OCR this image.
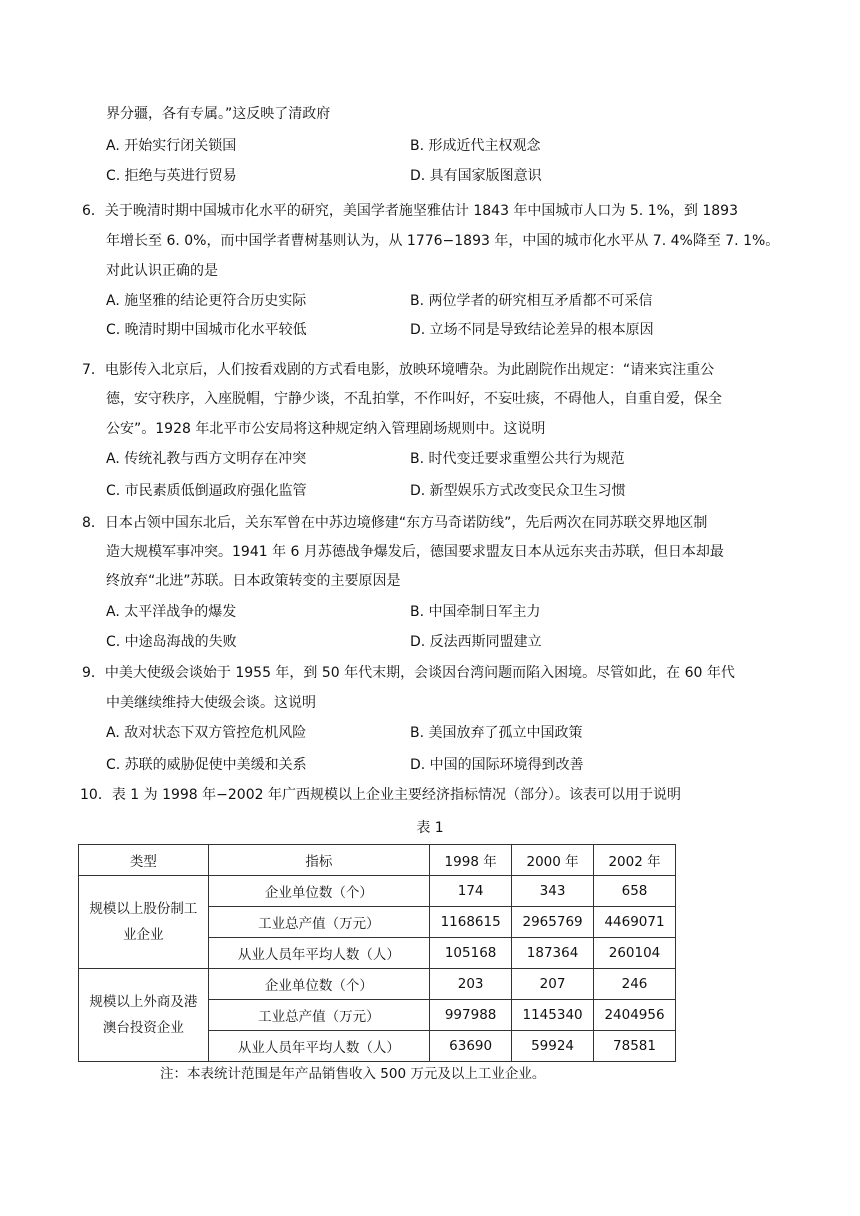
界分疆，各有专属。”这反映了清政府
A. 开始实行闭关锁国	B. 形成近代主权观念
C. 拒绝与英进行贸易	D. 具有国家版图意识
6．关于晚清时期中国城市化水平的研究，美国学者施坚雅估计 1843 年中国城市人口为 5. 1%，到 1893
年增长至 6. 0%，而中国学者曹树基则认为，从 1776−1893 年，中国的城市化水平从 7. 4%降至 7. 1%。
对此认识正确的是
A. 施坚雅的结论更符合历史实际	B. 两位学者的研究相互矛盾都不可采信
C. 晚清时期中国城市化水平较低	D. 立场不同是导致结论差异的根本原因
7．电影传入北京后，人们按看戏剧的方式看电影，放映环境嘈杂。为此剧院作出规定：“请来宾注重公
德，安守秩序，入座脱帽，宁静少谈，不乱拍掌，不作叫好，不妄吐痰，不碍他人，自重自爱，保全
公安”。1928 年北平市公安局将这种规定纳入管理剧场规则中。这说明
A. 传统礼教与西方文明存在冲突	B. 时代变迁要求重塑公共行为规范
C. 市民素质低倒逼政府强化监管	D. 新型娱乐方式改变民众卫生习惯
8．日本占领中国东北后，关东军曾在中苏边境修建“东方马奇诺防线”，先后两次在同苏联交界地区制
造大规模军事冲突。1941 年 6 月苏德战争爆发后，德国要求盟友日本从远东夹击苏联，但日本却最
终放弃“北进”苏联。日本政策转变的主要原因是
A. 太平洋战争的爆发	B. 中国牵制日军主力
C. 中途岛海战的失败	D. 反法西斯同盟建立
9．中美大使级会谈始于 1955 年，到 50 年代末期，会谈因台湾问题而陷入困境。尽管如此，在 60 年代
中美继续维持大使级会谈。这说明
A. 敌对状态下双方管控危机风险	B. 美国放弃了孤立中国政策
C. 苏联的威胁促使中美缓和关系	D. 中国的国际环境得到改善
10．表 1 为 1998 年−2002 年广西规模以上企业主要经济指标情况（部分）。该表可以用于说明
表 1
类型	指标	1998 年	2000 年	2002 年
规模以上股份制工
业企业	企业单位数（个）	174	343	658
	工业总产值（万元）	1168615	2965769	4469071
	从业人员年平均人数（人）	105168	187364	260104
规模以上外商及港
澳台投资企业	企业单位数（个）	203	207	246
	工业总产值（万元）	997988	1145340	2404956
	从业人员年平均人数（人）	63690	59924	78581
注：本表统计范围是年产品销售收入 500 万元及以上工业企业。
